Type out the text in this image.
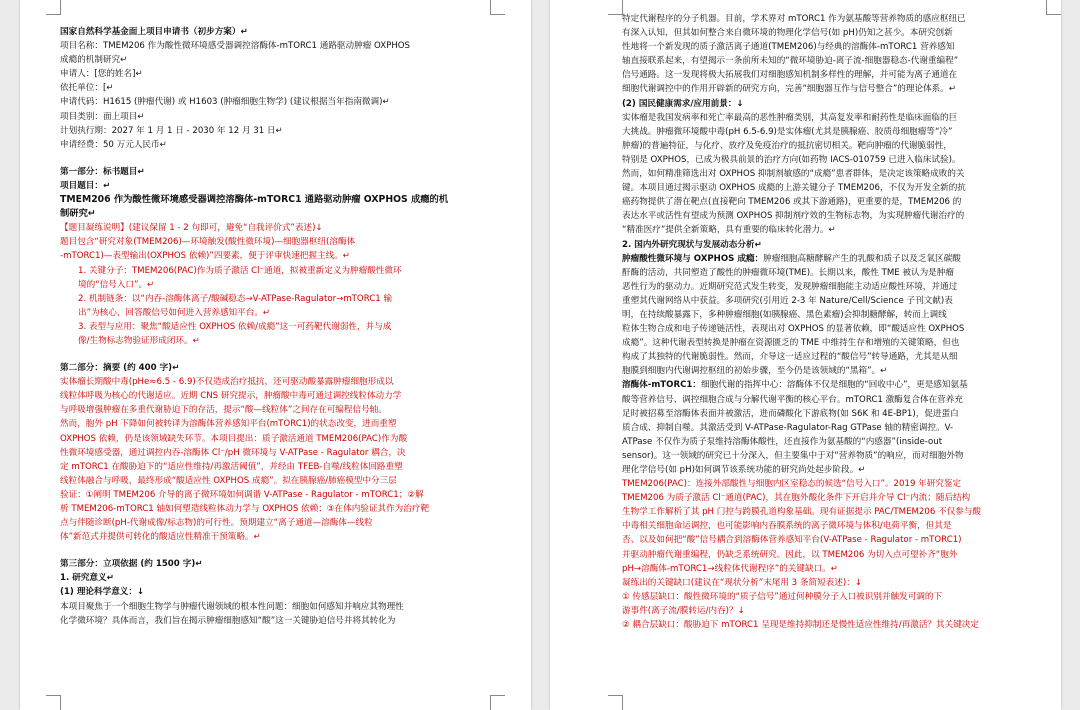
国家自然科学基金面上项目申请书（初步方案）↵
项目名称：TMEM206 作为酸性微环境感受器调控溶酶体-mTORC1 通路驱动肿瘤 OXPHOS
成瘾的机制研究↵
申请人：[您的姓名]↵
依托单位：[↵
申请代码：H1615 (肿瘤代谢) 或 H1603 (肿瘤细胞生物学) (建议根据当年指南微调)↵
项目类别：面上项目↵
计划执行期：2027 年 1 月 1 日 - 2030 年 12 月 31 日↵
申请经费：50 万元人民币↵
第一部分：标书题目↵
项目题目：↵
TMEM206 作为酸性微环境感受器调控溶酶体-mTORC1 通路驱动肿瘤 OXPHOS 成瘾的机
制研究↵
【题目凝练说明】(建议保留 1 - 2 句即可，避免“自我评价式”表述)↓
题目包含“研究对象(TMEM206)—环境触发(酸性微环境)—细胞器枢纽(溶酶体
-mTORC1)—表型输出(OXPHOS 依赖)”四要素，便于评审快速把握主线。↵
1. 关键分子：TMEM206(PAC)作为质子激活 Cl⁻通道，拟被重新定义为肿瘤酸性微环
境的“信号入口”。↵
2. 机制链条：以“内吞-溶酶体离子/酸碱稳态→V-ATPase-Ragulator→mTORC1 输
出”为核心，回答酸信号如何进入营养感知平台。↵
3. 表型与应用：聚焦“酸适应性 OXPHOS 依赖/成瘾”这一可药靶代谢弱性，并与成
像/生物标志物验证形成闭环。↵
第二部分：摘要 (约 400 字)↵
实体瘤长期酸中毒(pHe≈6.5 - 6.9)不仅造成治疗抵抗，还可驱动酸暴露肿瘤细胞形成以
线粒体呼吸为核心的代谢适应。近期 CNS 研究提示，肿瘤酸中毒可通过调控线粒体动力学
与呼吸增强肿瘤在多重代谢胁迫下的存活，提示“酸—线粒体”之间存在可编程信号轴。
然而，胞外 pH 下降如何被转译为溶酶体营养感知平台(mTORC1)的状态改变，进而重塑
OXPHOS 依赖，仍是该领域缺失环节。本项目提出：质子激活通道 TMEM206(PAC)作为酸
性微环境感受器，通过调控内吞-溶酶体 Cl⁻/pH 微环境与 V-ATPase - Ragulator 耦合，决
定 mTORC1 在酸胁迫下的“适应性维持/再激活阈值”，并经由 TFEB-自噬/线粒体回路重塑
线粒体融合与呼吸，最终形成“酸适应性 OXPHOS 成瘾”。拟在胰腺癌/肺癌模型中分三层
验证：①阐明 TMEM206 介导的离子微环境如何调谐 V-ATPase - Ragulator - mTORC1；②解
析 TMEM206-mTORC1 轴如何塑造线粒体动力学与 OXPHOS 依赖；③在体内验证其作为治疗靶
点与伴随诊断(pH-代谢成像/标志物)的可行性。预期建立“离子通道—溶酶体—线粒
体”新范式并提供可转化的酸适应性精准干预策略。↵
第三部分：立项依据 (约 1500 字)↵
1. 研究意义↵
(1) 理论科学意义：↓
本项目聚焦于一个细胞生物学与肿瘤代谢领域的根本性问题：细胞如何感知并响应其物理性
化学微环境？具体而言，我们旨在揭示肿瘤细胞感知“酸”这一关键胁迫信号并将其转化为
特定代谢程序的分子机器。目前，学术界对 mTORC1 作为氨基酸等营养物质的感应枢纽已
有深入认知，但其如何整合来自微环境的物理化学信号(如 pH)仍知之甚少。本研究创新
性地将一个新发现的质子激活离子通道(TMEM206)与经典的溶酶体-mTORC1 营养感知
轴直接联系起来，有望揭示一条前所未知的“微环境胁迫-离子流-细胞器稳态-代谢重编程”
信号通路。这一发现将极大拓展我们对细胞感知机制多样性的理解，并可能为离子通道在
细胞代谢调控中的作用开辟新的研究方向，完善“细胞器互作与信号整合”的理论体系。↵
(2) 国民健康需求/应用前景：↓
实体瘤是我国发病率和死亡率最高的恶性肿瘤类别，其高复发率和耐药性是临床面临的巨
大挑战。肿瘤微环境酸中毒(pH 6.5-6.9)是实体瘤(尤其是胰腺癌、胶质母细胞瘤等“冷”
肿瘤)的普遍特征，与化疗、放疗及免疫治疗的抵抗密切相关。靶向肿瘤的代谢脆弱性，
特别是 OXPHOS，已成为极具前景的治疗方向(如药物 IACS-010759 已进入临床试验)。
然而，如何精准筛选出对 OXPHOS 抑制剂敏感的“成瘾”患者群体，是决定该策略成败的关
键。本项目通过揭示驱动 OXPHOS 成瘾的上游关键分子 TMEM206，不仅为开发全新的抗
癌药物提供了潜在靶点(直接靶向 TMEM206 或其下游通路)，更重要的是，TMEM206 的
表达水平或活性有望成为预测 OXPHOS 抑制剂疗效的生物标志物，为实现肿瘤代谢治疗的
“精准医疗”提供全新策略，具有重要的临床转化潜力。↵
2. 国内外研究现状与发展动态分析↵
肿瘤酸性微环境与 OXPHOS 成瘾：肿瘤细胞高糖酵解产生的乳酸和质子以及乏氧区碳酸
酐酶的活动，共同塑造了酸性的肿瘤微环境(TME)。长期以来，酸性 TME 被认为是肿瘤
恶性行为的驱动力。近期研究范式发生转变，发现肿瘤细胞能主动适应酸性环境，并通过
重塑其代谢网络从中获益。多项研究(引用近 2-3 年 Nature/Cell/Science 子刊文献)表
明，在持续酸暴露下，多种肿瘤细胞(如胰腺癌、黑色素瘤)会抑制糖酵解，转而上调线
粒体生物合成和电子传递链活性，表现出对 OXPHOS 的显著依赖，即“酸适应性 OXPHOS
成瘾”。这种代谢表型转换是肿瘤在资源匮乏的 TME 中维持生存和增殖的关键策略，但也
构成了其独特的代谢脆弱性。然而，介导这一适应过程的“酸信号”转导通路，尤其是从细
胞膜到细胞内代谢调控枢纽的初始步骤，至今仍是该领域的“黑箱”。↵
溶酶体-mTORC1：细胞代谢的指挥中心：溶酶体不仅是细胞的“回收中心”，更是感知氨基
酸等营养信号、调控细胞合成与分解代谢平衡的核心平台。mTORC1 激酶复合体在营养充
足时被招募至溶酶体表面并被激活，进而磷酸化下游底物(如 S6K 和 4E-BP1)，促进蛋白
质合成、抑制自噬。其激活受到 V-ATPase-Ragulator-Rag GTPase 轴的精密调控。V-
ATPase 不仅作为质子泵维持溶酶体酸性，还直接作为氨基酸的“内感器”(inside-out
sensor)。这一领域的研究已十分深入，但主要集中于对“营养物质”的响应，而对细胞外物
理化学信号(如 pH)如何调节该系统功能的研究尚处起步阶段。↵
TMEM206(PAC)：连接外部酸性与细胞内区室稳态的候选“信号入口”。2019 年研究鉴定
TMEM206 为质子激活 Cl⁻通道(PAC)，其在胞外酸化条件下开启并介导 Cl⁻内流；随后结构
生物学工作解析了其 pH 门控与跨膜孔道构象基础。现有证据提示 PAC/TMEM206 不仅参与酸
中毒相关细胞命运调控，也可能影响内吞膜系统的离子微环境与体积/电荷平衡，但其是
否、以及如何把“酸”信号耦合到溶酶体营养感知平台(V-ATPase - Ragulator - mTORC1)
并驱动肿瘤代谢重编程，仍缺乏系统研究。因此，以 TMEM206 为切入点可望补齐“胞外
pH→溶酶体-mTORC1→线粒体代谢程序”的关键缺口。↵
凝练出的关键缺口(建议在“现状分析”末尾用 3 条简短表述)：↓
① 传感层缺口：酸性微环境的“质子信号”通过何种膜分子入口被识别并触发可调的下
游事件(离子流/膜转运/内吞)？↓
② 耦合层缺口：酸胁迫下 mTORC1 呈现是维持抑制还是慢性适应性维持/再激活？其关键决定
